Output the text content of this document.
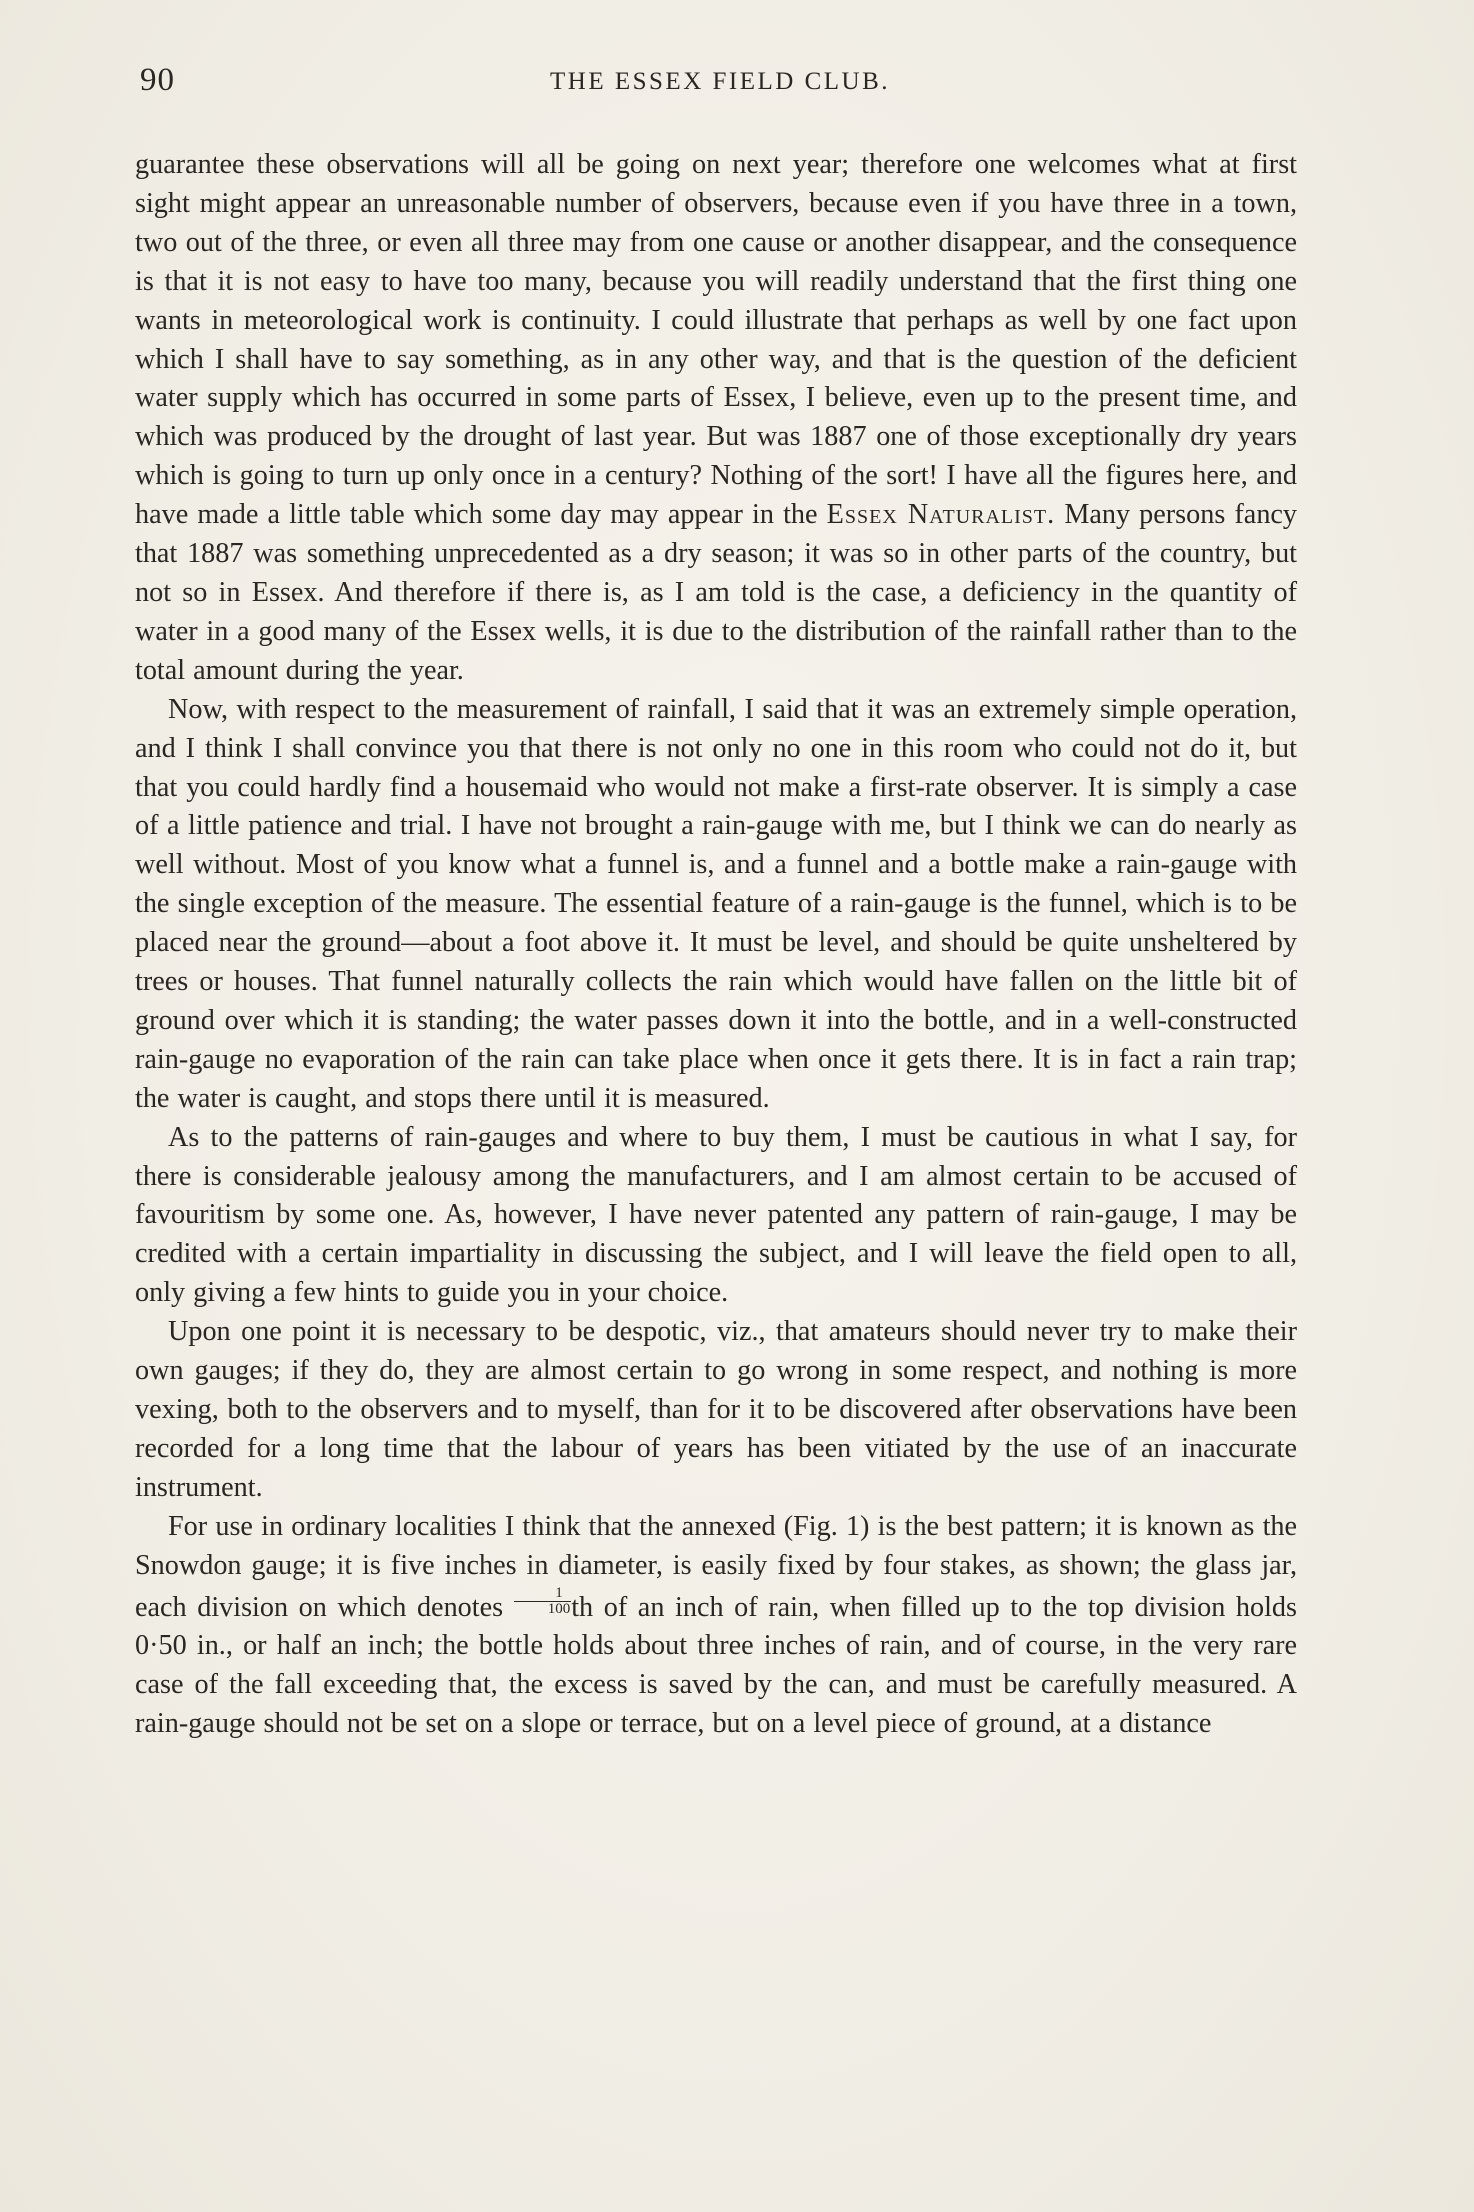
90	THE ESSEX FIELD CLUB.

guarantee these observations will all be going on next year; therefore one welcomes what at first sight might appear an unreasonable number of observers, because even if you have three in a town, two out of the three, or even all three may from one cause or another disappear, and the consequence is that it is not easy to have too many, because you will readily understand that the first thing one wants in meteorological work is continuity. I could illustrate that perhaps as well by one fact upon which I shall have to say something, as in any other way, and that is the question of the deficient water supply which has occurred in some parts of Essex, I believe, even up to the present time, and which was produced by the drought of last year. But was 1887 one of those exceptionally dry years which is going to turn up only once in a century? Nothing of the sort! I have all the figures here, and have made a little table which some day may appear in the Essex Naturalist. Many persons fancy that 1887 was something unprecedented as a dry season; it was so in other parts of the country, but not so in Essex. And therefore if there is, as I am told is the case, a deficiency in the quantity of water in a good many of the Essex wells, it is due to the distribution of the rainfall rather than to the total amount during the year.

Now, with respect to the measurement of rainfall, I said that it was an extremely simple operation, and I think I shall convince you that there is not only no one in this room who could not do it, but that you could hardly find a housemaid who would not make a first-rate observer. It is simply a case of a little patience and trial. I have not brought a rain-gauge with me, but I think we can do nearly as well without. Most of you know what a funnel is, and a funnel and a bottle make a rain-gauge with the single exception of the measure. The essential feature of a rain-gauge is the funnel, which is to be placed near the ground—about a foot above it. It must be level, and should be quite unsheltered by trees or houses. That funnel naturally collects the rain which would have fallen on the little bit of ground over which it is standing; the water passes down it into the bottle, and in a well-constructed rain-gauge no evaporation of the rain can take place when once it gets there. It is in fact a rain trap; the water is caught, and stops there until it is measured.

As to the patterns of rain-gauges and where to buy them, I must be cautious in what I say, for there is considerable jealousy among the manufacturers, and I am almost certain to be accused of favouritism by some one. As, however, I have never patented any pattern of rain-gauge, I may be credited with a certain impartiality in discussing the subject, and I will leave the field open to all, only giving a few hints to guide you in your choice.

Upon one point it is necessary to be despotic, viz., that amateurs should never try to make their own gauges; if they do, they are almost certain to go wrong in some respect, and nothing is more vexing, both to the observers and to myself, than for it to be discovered after observations have been recorded for a long time that the labour of years has been vitiated by the use of an inaccurate instrument.

For use in ordinary localities I think that the annexed (Fig. 1) is the best pattern; it is known as the Snowdon gauge; it is five inches in diameter, is easily fixed by four stakes, as shown; the glass jar, each division on which denotes $\frac{1}{100}$ th of an inch of rain, when filled up to the top division holds 0·50 in., or half an inch; the bottle holds about three inches of rain, and of course, in the very rare case of the fall exceeding that, the excess is saved by the can, and must be carefully measured. A rain-gauge should not be set on a slope or terrace, but on a level piece of ground, at a distance
